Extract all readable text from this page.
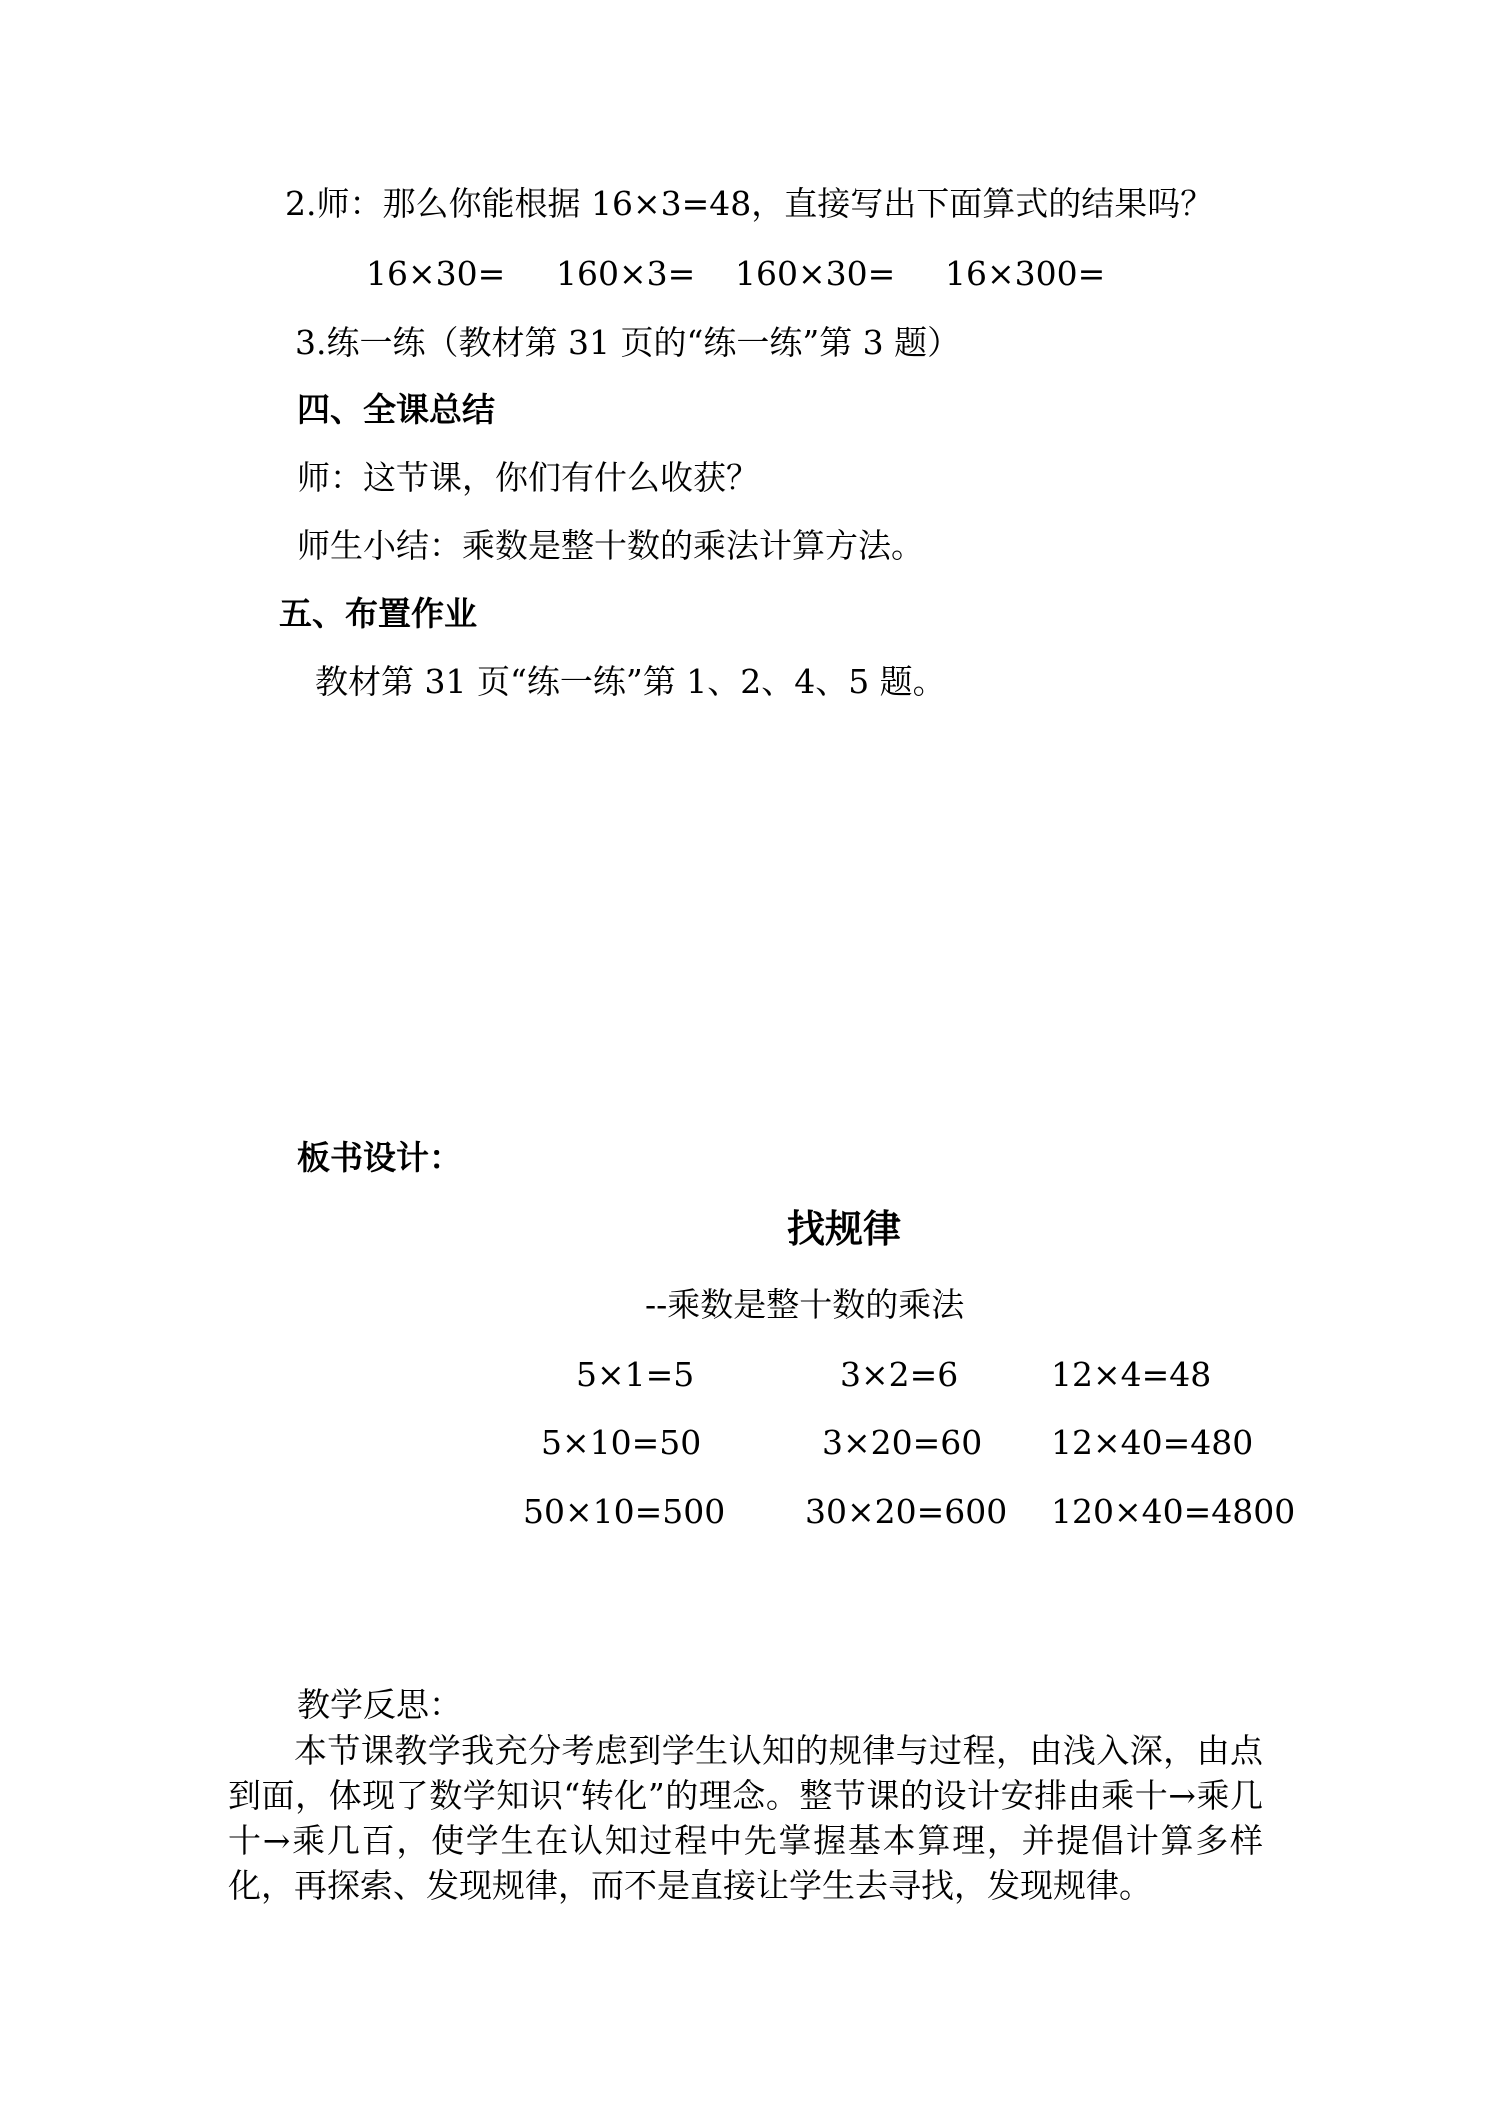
2.师：那么你能根据 16×3=48，直接写出下面算式的结果吗？
16×30= 160×3= 160×30= 16×300=
3.练一练（教材第 31 页的“练一练”第 3 题）
四、全课总结
师：这节课，你们有什么收获？
师生小结：乘数是整十数的乘法计算方法。
五、布置作业
教材第 31 页“练一练”第 1、2、4、5 题。
板书设计：
找规律
--乘数是整十数的乘法
5×1=5	3×2=6	12×4=48
5×10=50	3×20=60 12×40=480
50×10=500 30×20=600 120×40=4800
教学反思：
本节课教学我充分考虑到学生认知的规律与过程，由浅入深，由点到面，体现了数学知识“转化”的理念。整节课的设计安排由乘十→乘几十→乘几百，使学生在认知过程中先掌握基本算理，并提倡计算多样化，再探索、发现规律，而不是直接让学生去寻找，发现规律。
